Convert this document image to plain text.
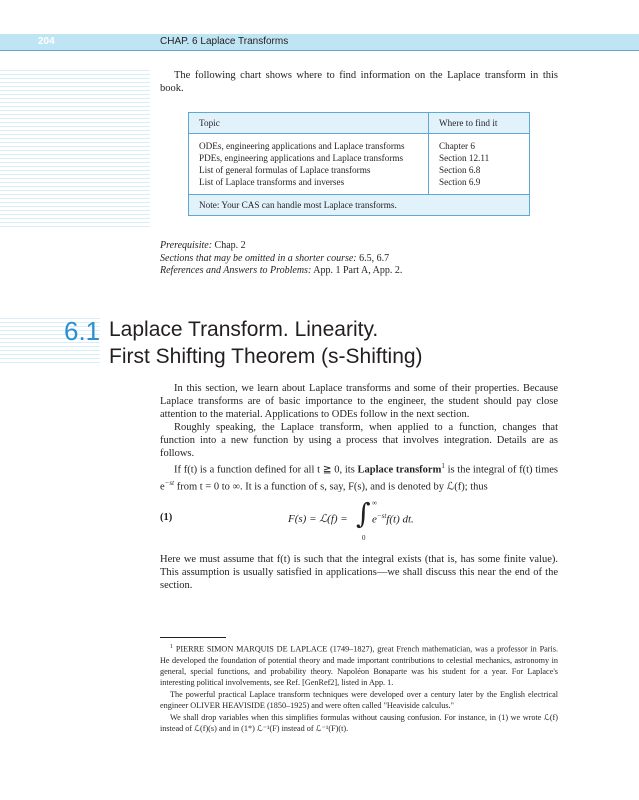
204	CHAP. 6 Laplace Transforms
The following chart shows where to find information on the Laplace transform in this book.
Topic	Where to find it
ODEs, engineering applications and Laplace transforms	Chapter 6
PDEs, engineering applications and Laplace transforms	Section 12.11
List of general formulas of Laplace transforms	Section 6.8
List of Laplace transforms and inverses	Section 6.9
Note: Your CAS can handle most Laplace transforms.	
Prerequisite: Chap. 2
Sections that may be omitted in a shorter course: 6.5, 6.7
References and Answers to Problems: App. 1 Part A, App. 2.
6.1 Laplace Transform. Linearity.
First Shifting Theorem (s-Shifting)
In this section, we learn about Laplace transforms and some of their properties. Because Laplace transforms are of basic importance to the engineer, the student should pay close attention to the material. Applications to ODEs follow in the next section.
Roughly speaking, the Laplace transform, when applied to a function, changes that function into a new function by using a process that involves integration. Details are as follows.
If f(t) is a function defined for all t ≧ 0, its Laplace transform$^1$ is the integral of f(t) times $e^{-st}$ from t = 0 to ∞. It is a function of s, say, F(s), and is denoted by ℒ(f); thus
(1)	F(s) = ℒ(f) = ∫ ∞
0
$e^{-st}f(t)$ dt.
Here we must assume that f(t) is such that the integral exists (that is, has some finite value). This assumption is usually satisfied in applications—we shall discuss this near the end of the section.

$^1$ PIERRE SIMON MARQUIS DE LAPLACE (1749–1827), great French mathematician, was a professor in Paris. He developed the foundation of potential theory and made important contributions to celestial mechanics, astronomy in general, special functions, and probability theory. Napoléon Bonaparte was his student for a year. For Laplace's interesting political involvements, see Ref. [GenRef2], listed in App. 1.

The powerful practical Laplace transform techniques were developed over a century later by the English electrical engineer OLIVER HEAVISIDE (1850–1925) and were often called "Heaviside calculus."

We shall drop variables when this simplifies formulas without causing confusion. For instance, in (1) we wrote ℒ(f) instead of ℒ(f)(s) and in (1*) ℒ⁻¹(F) instead of ℒ⁻¹(F)(t).
